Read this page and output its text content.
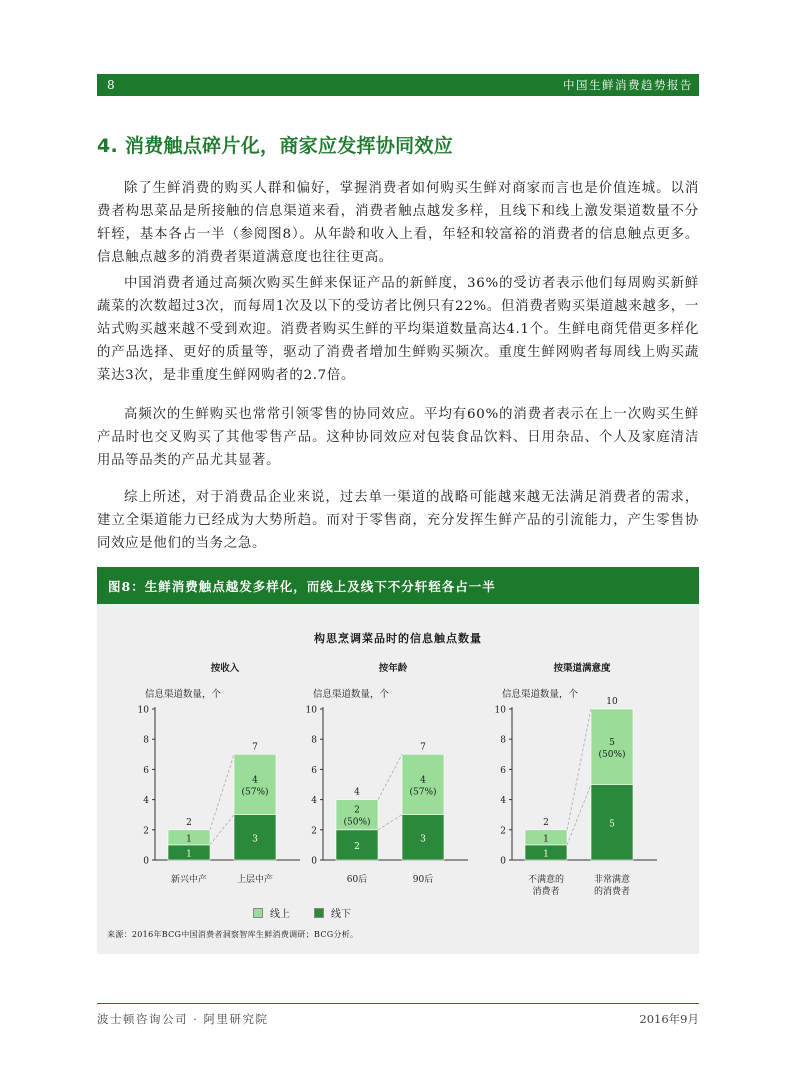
8	中国生鲜消费趋势报告
4. 消费触点碎片化，商家应发挥协同效应

除了生鲜消费的购买人群和偏好，掌握消费者如何购买生鲜对商家而言也是价值连城。以消费者构思菜品是所接触的信息渠道来看，消费者触点越发多样，且线下和线上激发渠道数量不分轩轾，基本各占一半（参阅图8）。从年龄和收入上看，年轻和较富裕的消费者的信息触点更多。信息触点越多的消费者渠道满意度也往往更高。

中国消费者通过高频次购买生鲜来保证产品的新鲜度，36%的受访者表示他们每周购买新鲜蔬菜的次数超过3次，而每周1次及以下的受访者比例只有22%。但消费者购买渠道越来越多，一站式购买越来越不受到欢迎。消费者购买生鲜的平均渠道数量高达4.1个。生鲜电商凭借更多样化的产品选择、更好的质量等，驱动了消费者增加生鲜购买频次。重度生鲜网购者每周线上购买蔬菜达3次，是非重度生鲜网购者的2.7倍。

高频次的生鲜购买也常常引领零售的协同效应。平均有60%的消费者表示在上一次购买生鲜产品时也交叉购买了其他零售产品。这种协同效应对包装食品饮料、日用杂品、个人及家庭清洁用品等品类的产品尤其显著。

综上所述，对于消费品企业来说，过去单一渠道的战略可能越来越无法满足消费者的需求，建立全渠道能力已经成为大势所趋。而对于零售商，充分发挥生鲜产品的引流能力，产生零售协同效应是他们的当务之急。

图8：生鲜消费触点越发多样化，而线上及线下不分轩轾各占一半
构思烹调菜品时的信息触点数量
按收入
信息渠道数量，个
0
2
4
6
8
10
1
1
2
新兴中产
3
4 (57%)
7
上层中产
按年龄
信息渠道数量，个
0
2
4
6
8
10
2
2 (50%)
4
60后
3
4 (57%)
7
90后
按渠道满意度
信息渠道数量，个
0
2
4
6
8
10
1
1
2
不满意的消费者
5
5 (50%)
10
非常满意的消费者
线上	线下
来源：2016年BCG中国消费者洞察智库生鲜消费调研；BCG分析。
波士顿咨询公司 · 阿里研究院	2016年9月
